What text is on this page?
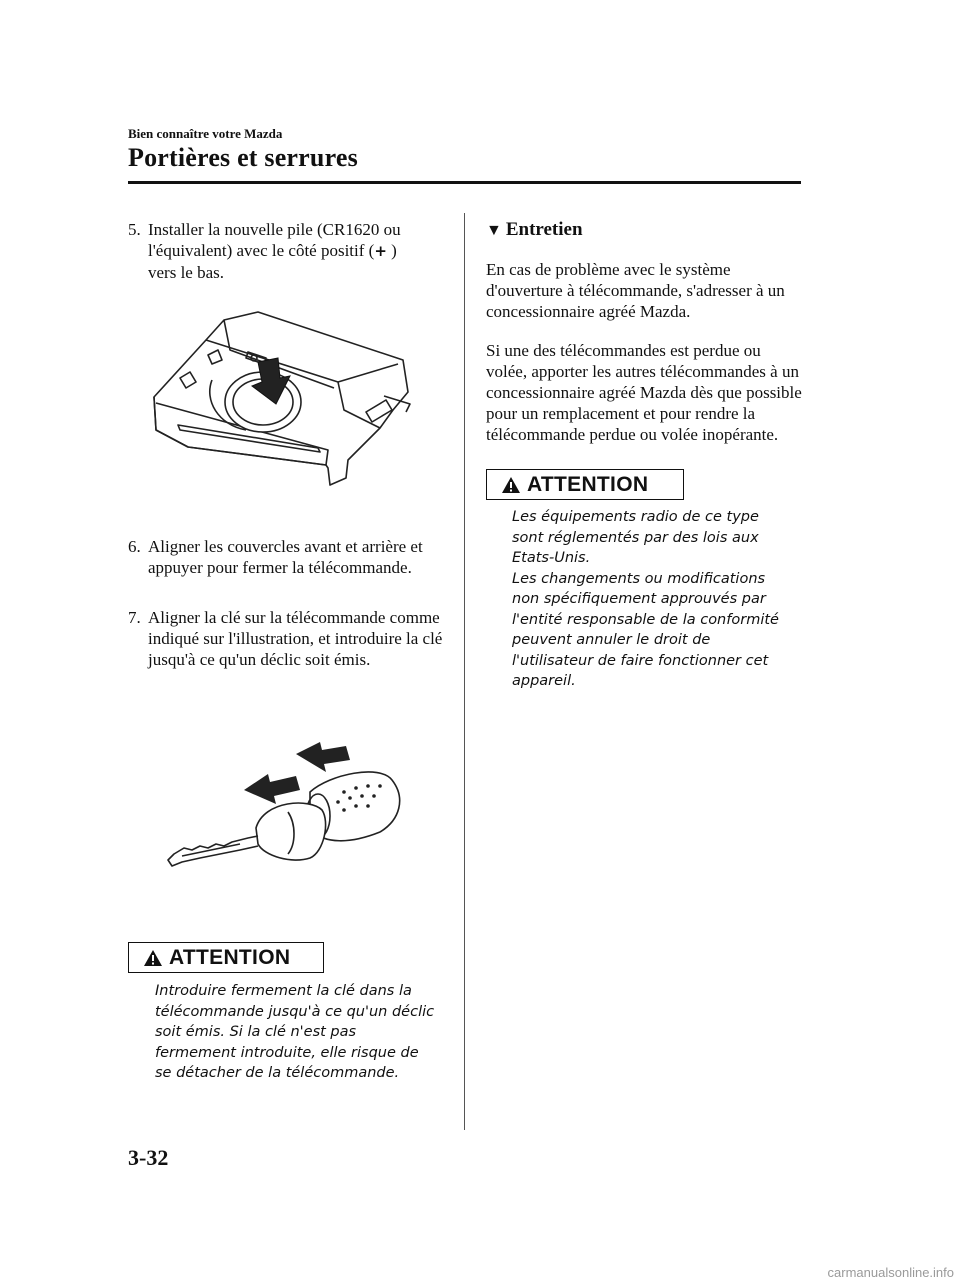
Bien connaître votre Mazda
Portières et serrures
5. Installer la nouvelle pile (CR1620 ou
l'équivalent) avec le côté positif (+ )
vers le bas.
6. Aligner les couvercles avant et arrière et appuyer pour fermer la télécommande.
7. Aligner la clé sur la télécommande comme indiqué sur l'illustration, et introduire la clé jusqu'à ce qu'un déclic soit émis.
ATTENTION
Introduire fermement la clé dans la
télécommande jusqu'à ce qu'un déclic
soit émis. Si la clé n'est pas
fermement introduite, elle risque de
se détacher de la télécommande.
▼ Entretien
En cas de problème avec le système d'ouverture à télécommande, s'adresser à un concessionnaire agréé Mazda.
Si une des télécommandes est perdue ou volée, apporter les autres télécommandes à un concessionnaire agréé Mazda dès que possible pour un remplacement et pour rendre la télécommande perdue ou volée inopérante.
ATTENTION
Les équipements radio de ce type
sont réglementés par des lois aux
Etats-Unis.
Les changements ou modifications
non spécifiquement approuvés par
l'entité responsable de la conformité
peuvent annuler le droit de
l'utilisateur de faire fonctionner cet
appareil.
3-32
carmanualsonline.info
